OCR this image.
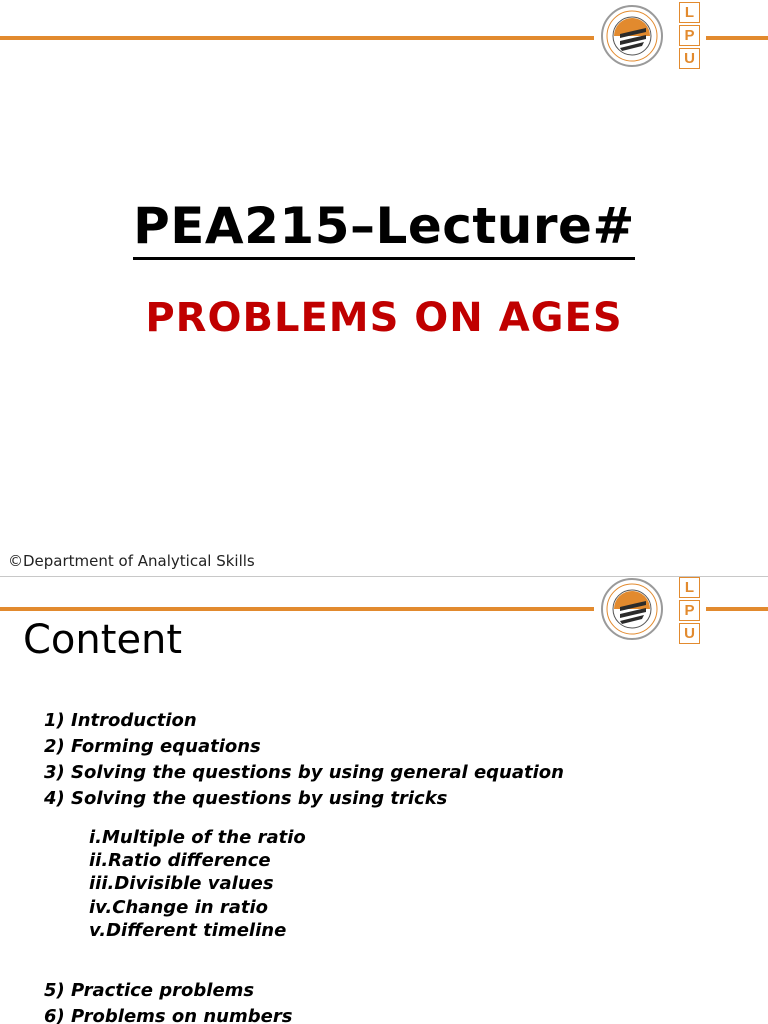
L
P
U
PEA215–Lecture#
PROBLEMS ON AGES
©Department of Analytical Skills
L
P
U
Content
1) Introduction
2) Forming equations
3) Solving the questions by using general equation
4) Solving the questions by using tricks
i.Multiple of the ratio
ii.Ratio difference
iii.Divisible values
iv.Change in ratio
v.Different timeline
5) Practice problems
6) Problems on numbers
